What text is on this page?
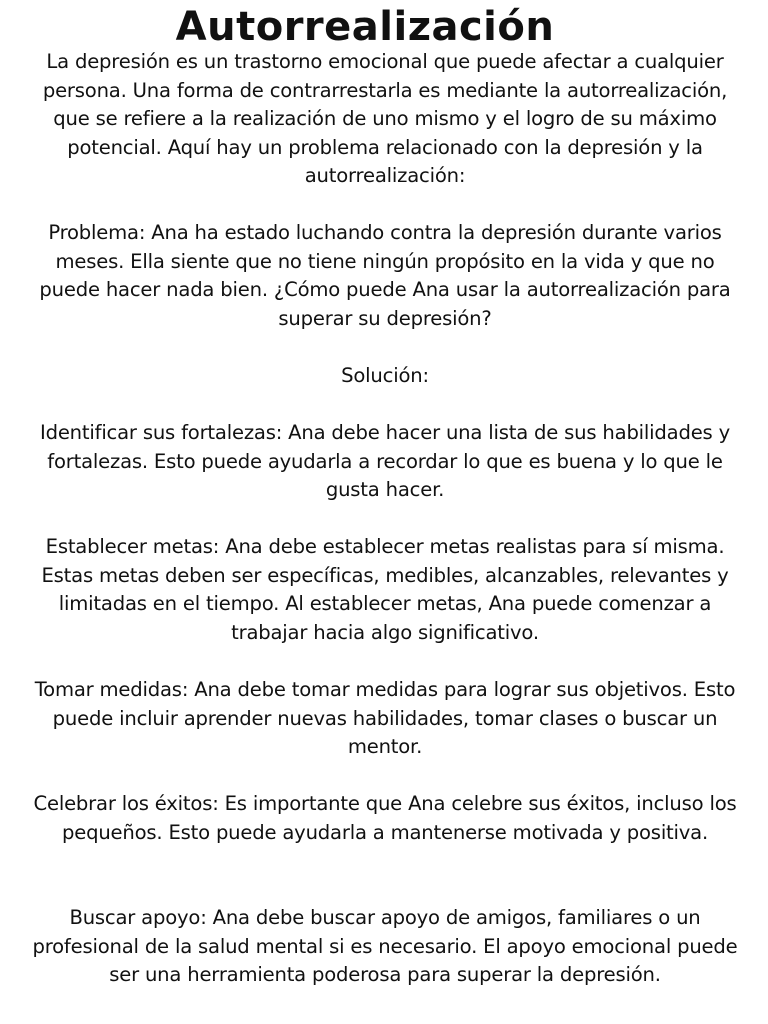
Autorrealización

La depresión es un trastorno emocional que puede afectar a cualquier persona. Una forma de contrarrestarla es mediante la autorrealización, que se refiere a la realización de uno mismo y el logro de su máximo potencial. Aquí hay un problema relacionado con la depresión y la autorrealización:

Problema: Ana ha estado luchando contra la depresión durante varios meses. Ella siente que no tiene ningún propósito en la vida y que no puede hacer nada bien. ¿Cómo puede Ana usar la autorrealización para superar su depresión?

Solución:

Identificar sus fortalezas: Ana debe hacer una lista de sus habilidades y fortalezas. Esto puede ayudarla a recordar lo que es buena y lo que le gusta hacer.

Establecer metas: Ana debe establecer metas realistas para sí misma. Estas metas deben ser específicas, medibles, alcanzables, relevantes y limitadas en el tiempo. Al establecer metas, Ana puede comenzar a trabajar hacia algo significativo.

Tomar medidas: Ana debe tomar medidas para lograr sus objetivos. Esto puede incluir aprender nuevas habilidades, tomar clases o buscar un mentor.

Celebrar los éxitos: Es importante que Ana celebre sus éxitos, incluso los pequeños. Esto puede ayudarla a mantenerse motivada y positiva.

Buscar apoyo: Ana debe buscar apoyo de amigos, familiares o un profesional de la salud mental si es necesario. El apoyo emocional puede ser una herramienta poderosa para superar la depresión.
